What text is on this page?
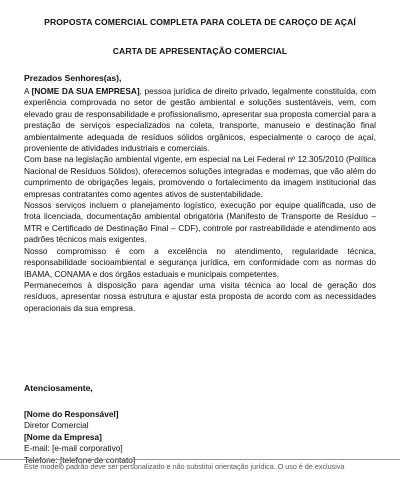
PROPOSTA COMERCIAL COMPLETA PARA COLETA DE CAROÇO DE AÇAÍ
CARTA DE APRESENTAÇÃO COMERCIAL
Prezados Senhores(as),

A [NOME DA SUA EMPRESA], pessoa jurídica de direito privado, legalmente constituída, com experiência comprovada no setor de gestão ambiental e soluções sustentáveis, vem, com elevado grau de responsabilidade e profissionalismo, apresentar sua proposta comercial para a prestação de serviços especializados na coleta, transporte, manuseio e destinação final ambientalmente adequada de resíduos sólidos orgânicos, especialmente o caroço de açaí, proveniente de atividades industriais e comerciais.

Com base na legislação ambiental vigente, em especial na Lei Federal nº 12.305/2010 (Política Nacional de Resíduos Sólidos), oferecemos soluções integradas e modernas, que vão além do cumprimento de obrigações legais, promovendo o fortalecimento da imagem institucional das empresas contratantes como agentes ativos de sustentabilidade.

Nossos serviços incluem o planejamento logístico, execução por equipe qualificada, uso de frota licenciada, documentação ambiental obrigatória (Manifesto de Transporte de Resíduo – MTR e Certificado de Destinação Final – CDF), controle por rastreabilidade e atendimento aos padrões técnicos mais exigentes.

Nosso compromisso é com a excelência no atendimento, regularidade técnica, responsabilidade socioambiental e segurança jurídica, em conformidade com as normas do IBAMA, CONAMA e dos órgãos estaduais e municipais competentes.

Permanecemos à disposição para agendar uma visita técnica ao local de geração dos resíduos, apresentar nossa estrutura e ajustar esta proposta de acordo com as necessidades operacionais da sua empresa.

Atenciosamente,
[Nome do Responsável]
Diretor Comercial
[Nome da Empresa]
E-mail: [e-mail corporativo]
Este modelo padrão deve ser personalizado e não substitui orientação jurídica. O uso é de exclusiva
